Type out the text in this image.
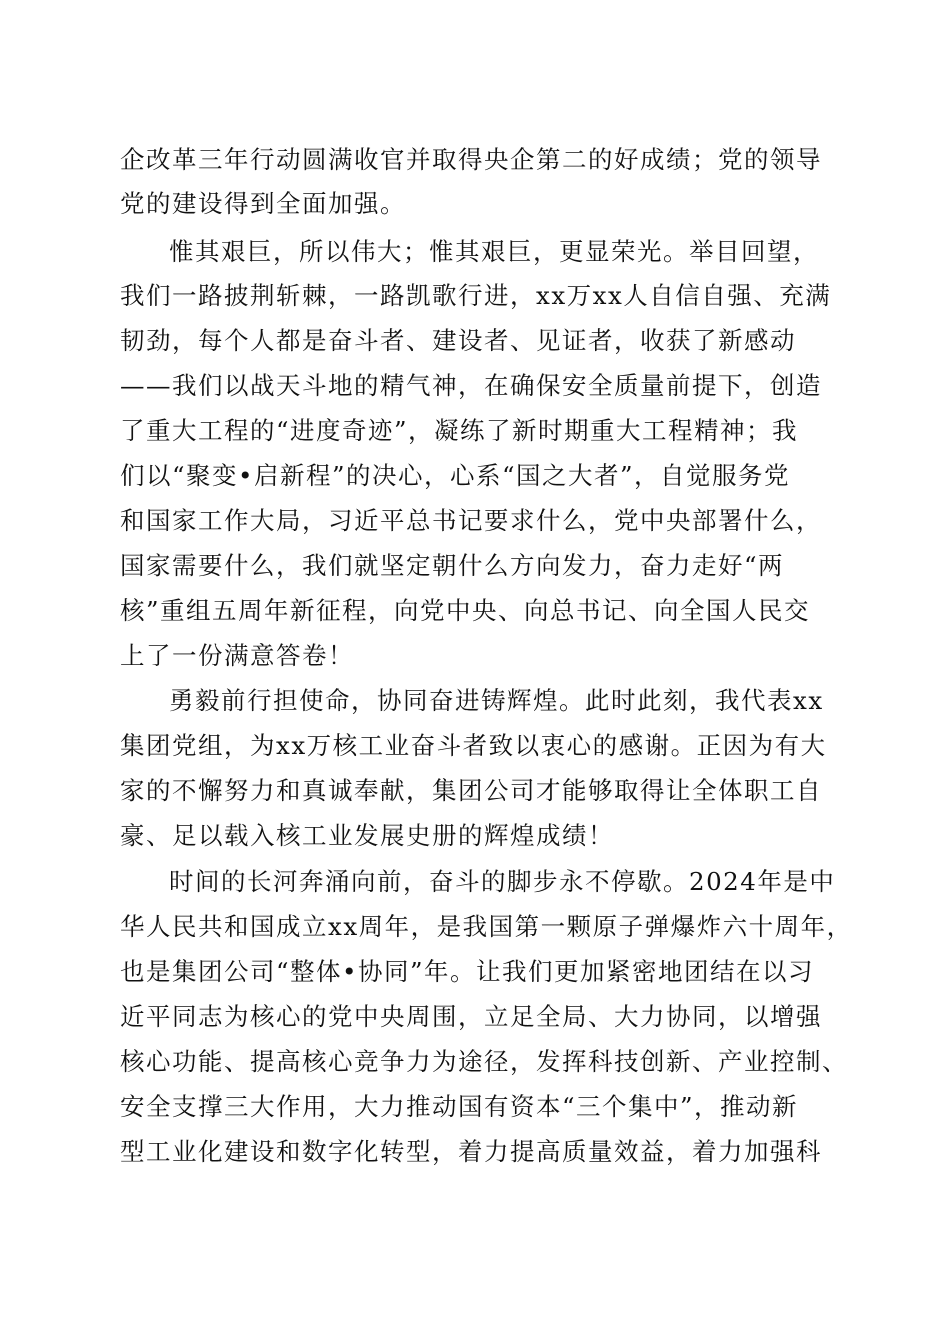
企改革三年行动圆满收官并取得央企第二的好成绩；党的领导
党的建设得到全面加强。
惟其艰巨，所以伟大；惟其艰巨，更显荣光。举目回望，
我们一路披荆斩棘，一路凯歌行进，xx万xx人自信自强、充满
韧劲，每个人都是奋斗者、建设者、见证者，收获了新感动
——我们以战天斗地的精气神，在确保安全质量前提下，创造
了重大工程的“进度奇迹”，凝练了新时期重大工程精神；我
们以“聚变•启新程”的决心，心系“国之大者”，自觉服务党
和国家工作大局，习近平总书记要求什么，党中央部署什么，
国家需要什么，我们就坚定朝什么方向发力，奋力走好“两
核”重组五周年新征程，向党中央、向总书记、向全国人民交
上了一份满意答卷！
勇毅前行担使命，协同奋进铸辉煌。此时此刻，我代表xx
集团党组，为xx万核工业奋斗者致以衷心的感谢。正因为有大
家的不懈努力和真诚奉献，集团公司才能够取得让全体职工自
豪、足以载入核工业发展史册的辉煌成绩！
时间的长河奔涌向前，奋斗的脚步永不停歇。2024年是中
华人民共和国成立xx周年，是我国第一颗原子弹爆炸六十周年，
也是集团公司“整体•协同”年。让我们更加紧密地团结在以习
近平同志为核心的党中央周围，立足全局、大力协同，以增强
核心功能、提高核心竞争力为途径，发挥科技创新、产业控制、
安全支撑三大作用，大力推动国有资本“三个集中”，推动新
型工业化建设和数字化转型，着力提高质量效益，着力加强科
